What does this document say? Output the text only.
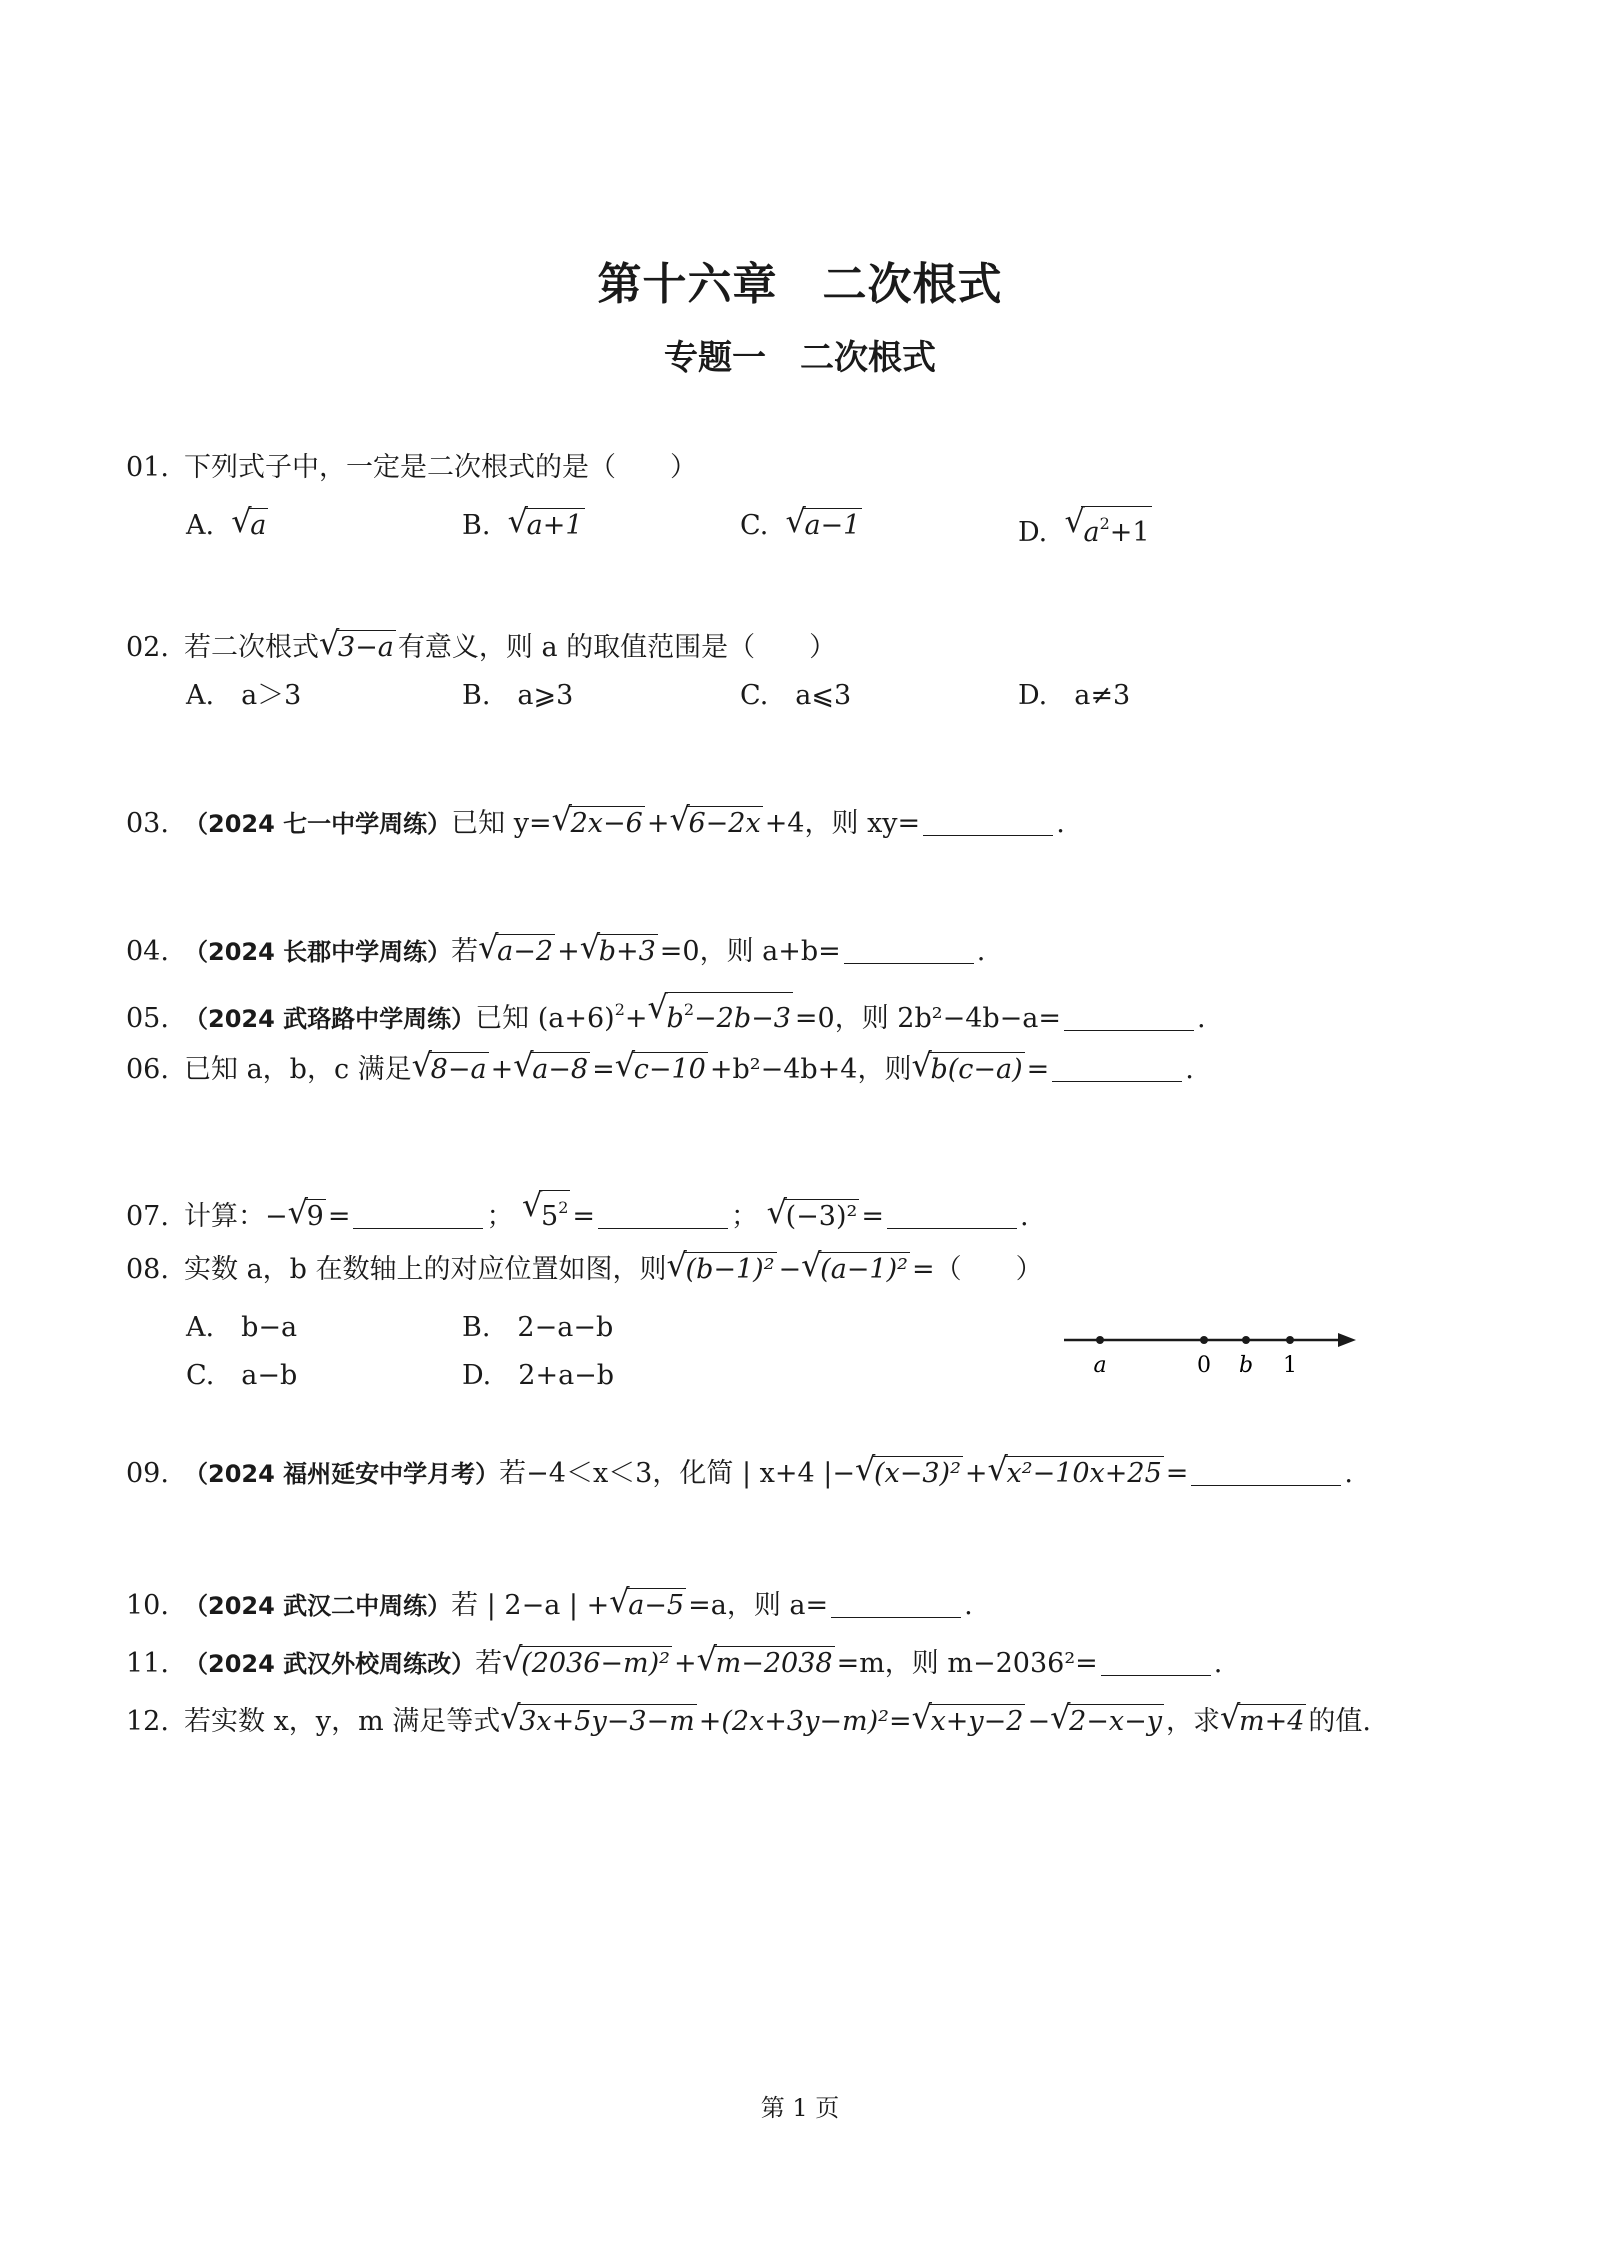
第十六章　二次根式
专题一　二次根式
01. 下列式子中，一定是二次根式的是（　　）
A.  √ a	B.  √ a+1	C.  √ a−1	D.  √ $a^2+1$
02. 若二次根式√ 3−a 有意义，则 a 的取值范围是（　　）
A.　a＞3	B.　a⩾3	C.　a⩽3	D.　a≠3
03. （2024 七一中学周练）已知 y=√ 2x−6 +√ 6−2x +4，则 xy=	.
04. （2024 长郡中学周练）若√ a−2 +√ b+3 =0，则 a+b=	.
05. （2024 武珞路中学周练）已知 $(a+6)^2+√$ $b^2-2b-3 =0$，则 2b²−4b−a=	.
06. 已知 a，b，c 满足√ 8−a +√ a−8 =√ c−10 +b²−4b+4，则√ b(c−a) =	.
07. 计算：−√ 9 =	； √ $5^2$ =	； √ (−3)² =	.
08. 实数 a，b 在数轴上的对应位置如图，则√ (b−1)² −√ (a−1)² =（　　）
A.　b−a	B.　2−a−b
C.　a−b	D.　2+a−b	a	0 b 1
09. （2024 福州延安中学月考）若−4＜x＜3，化简 | x+4 |−√ (x−3)² +√ x²−10x+25 =	.
10. （2024 武汉二中周练）若 | 2−a | +√ a−5 =a，则 a=	.
11. （2024 武汉外校周练改）若√ (2036−m)² +√ m−2038 =m，则 m−2036²=	.
12. 若实数 x，y，m 满足等式√ 3x+5y−3−m +(2x+3y−m)²=√ x+y−2 −√ 2−x−y ，求√ m+4 的值.
第 1 页
